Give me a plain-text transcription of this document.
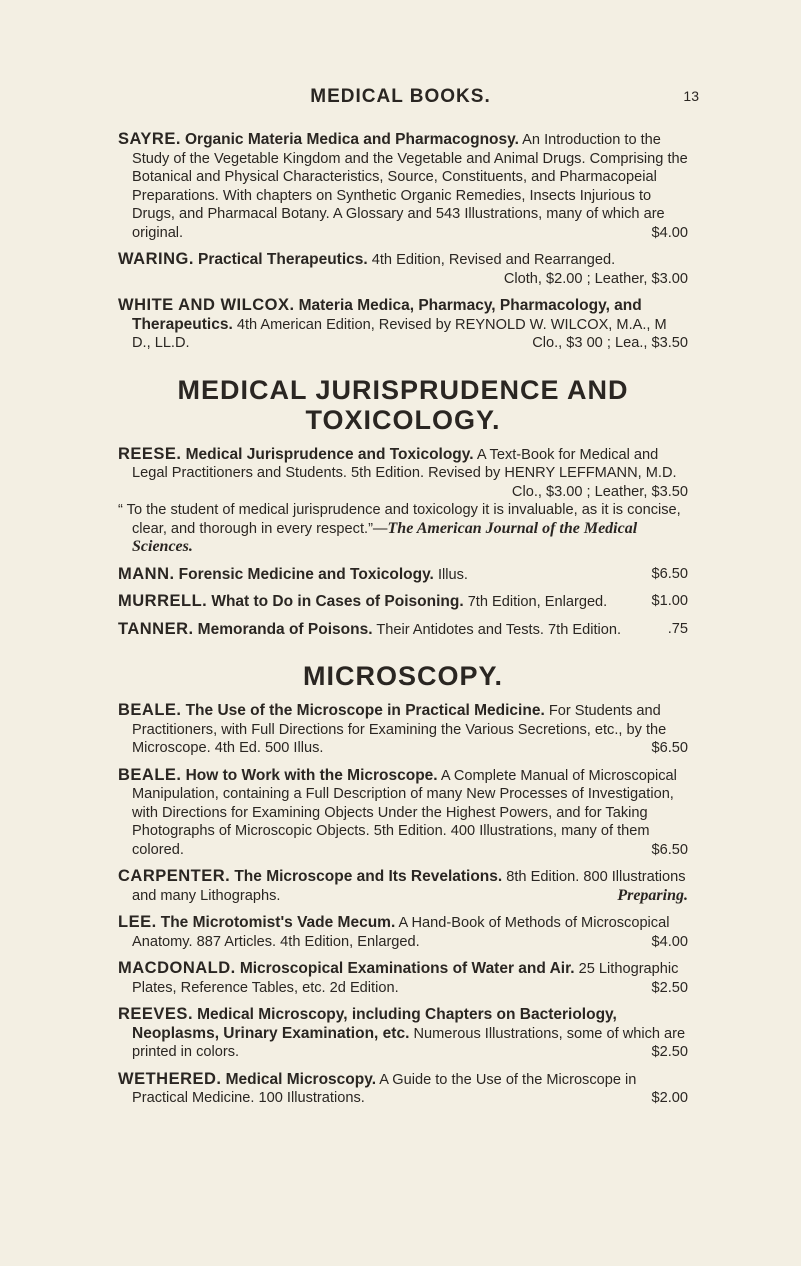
MEDICAL BOOKS.	13

SAYRE. Organic Materia Medica and Pharmacognosy. An Introduction to the Study of the Vegetable Kingdom and the Vegetable and Animal Drugs. Comprising the Botanical and Physical Characteristics, Source, Constituents, and Pharmacopeial Preparations. With chapters on Synthetic Organic Remedies, Insects Injurious to Drugs, and Pharmacal Botany. A Glossary and 543 Illustrations, many of which are original.	$4.00

WARING. Practical Therapeutics. 4th Edition, Revised and Rearranged.
Cloth, $2.00 ; Leather, $3.00

WHITE AND WILCOX. Materia Medica, Pharmacy, Pharmacology, and Therapeutics. 4th American Edition, Revised by REYNOLD W. WILCOX, M.A., M D., LL.D.	Clo., $3 00 ; Lea., $3.50

MEDICAL JURISPRUDENCE AND TOXICOLOGY.

REESE. Medical Jurisprudence and Toxicology. A Text-Book for Medical and Legal Practitioners and Students. 5th Edition. Revised by HENRY LEFFMANN, M.D.
Clo., $3.00 ; Leather, $3.50

“ To the student of medical jurisprudence and toxicology it is invaluable, as it is concise, clear, and thorough in every respect.”—The American Journal of the Medical Sciences.

MANN. Forensic Medicine and Toxicology. Illus.	$6.50

MURRELL. What to Do in Cases of Poisoning. 7th Edition, Enlarged.	$1.00

TANNER. Memoranda of Poisons. Their Antidotes and Tests. 7th Edition.	.75

MICROSCOPY.

BEALE. The Use of the Microscope in Practical Medicine. For Students and Practitioners, with Full Directions for Examining the Various Secretions, etc., by the Microscope. 4th Ed. 500 Illus.	$6.50

BEALE. How to Work with the Microscope. A Complete Manual of Microscopical Manipulation, containing a Full Description of many New Processes of Investigation, with Directions for Examining Objects Under the Highest Powers, and for Taking Photographs of Microscopic Objects. 5th Edition. 400 Illustrations, many of them colored.	$6.50

CARPENTER. The Microscope and Its Revelations. 8th Edition. 800 Illustrations and many Lithographs.	Preparing.

LEE. The Microtomist's Vade Mecum. A Hand-Book of Methods of Microscopical Anatomy. 887 Articles. 4th Edition, Enlarged.	$4.00

MACDONALD. Microscopical Examinations of Water and Air. 25 Lithographic Plates, Reference Tables, etc. 2d Edition.	$2.50

REEVES. Medical Microscopy, including Chapters on Bacteriology, Neoplasms, Urinary Examination, etc. Numerous Illustrations, some of which are printed in colors.	$2.50

WETHERED. Medical Microscopy. A Guide to the Use of the Microscope in Practical Medicine. 100 Illustrations.	$2.00
